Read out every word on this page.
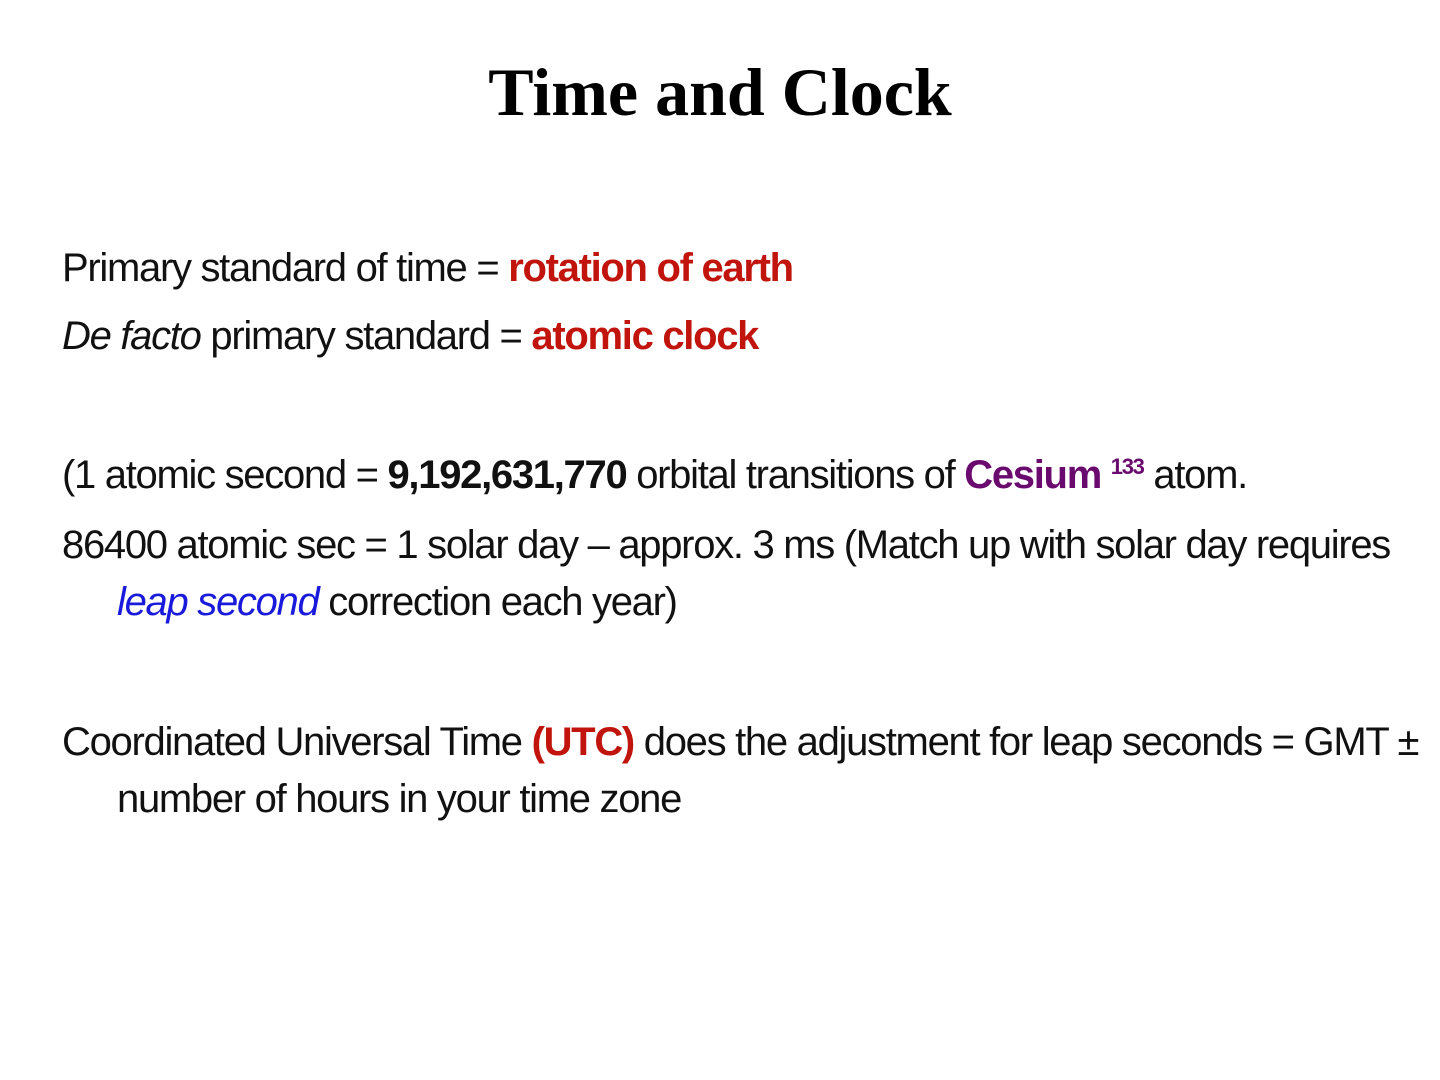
Time and Clock

Primary standard of time = rotation of earth

De facto primary standard = atomic clock

(1 atomic second = 9,192,631,770 orbital transitions of Cesium $^{133}$ atom.

86400 atomic sec = 1 solar day – approx. 3 ms (Match up with solar day requires leap second correction each year)

Coordinated Universal Time (UTC) does the adjustment for leap seconds = GMT ± number of hours in your time zone
